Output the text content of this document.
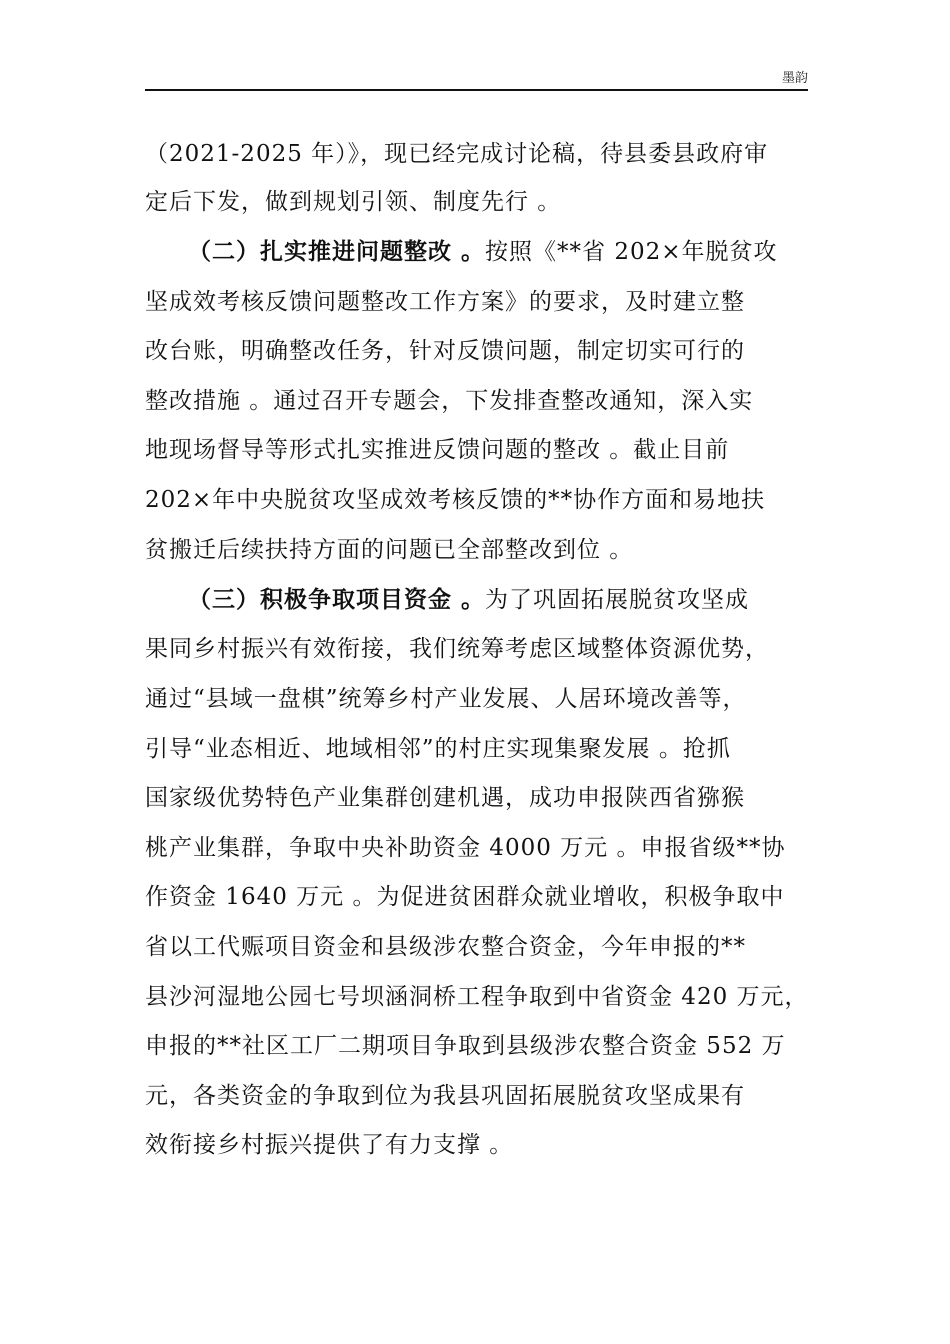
墨韵
（2021-2025 年）》，现已经完成讨论稿，待县委县政府审
定后下发，做到规划引领、制度先行 。
（二）扎实推进问题整改 。按照《**省 202×年脱贫攻
坚成效考核反馈问题整改工作方案》的要求，及时建立整
改台账，明确整改任务，针对反馈问题，制定切实可行的
整改措施 。通过召开专题会，下发排查整改通知，深入实
地现场督导等形式扎实推进反馈问题的整改 。截止目前
202×年中央脱贫攻坚成效考核反馈的**协作方面和易地扶
贫搬迁后续扶持方面的问题已全部整改到位 。
（三）积极争取项目资金 。为了巩固拓展脱贫攻坚成
果同乡村振兴有效衔接，我们统筹考虑区域整体资源优势，
通过“县域一盘棋”统筹乡村产业发展、人居环境改善等，
引导“业态相近、地域相邻”的村庄实现集聚发展 。抢抓
国家级优势特色产业集群创建机遇，成功申报陕西省猕猴
桃产业集群，争取中央补助资金 4000 万元 。申报省级**协
作资金 1640 万元 。为促进贫困群众就业增收，积极争取中
省以工代赈项目资金和县级涉农整合资金，今年申报的**
县沙河湿地公园七号坝涵洞桥工程争取到中省资金 420 万元，
申报的**社区工厂二期项目争取到县级涉农整合资金 552 万
元，各类资金的争取到位为我县巩固拓展脱贫攻坚成果有
效衔接乡村振兴提供了有力支撑 。
